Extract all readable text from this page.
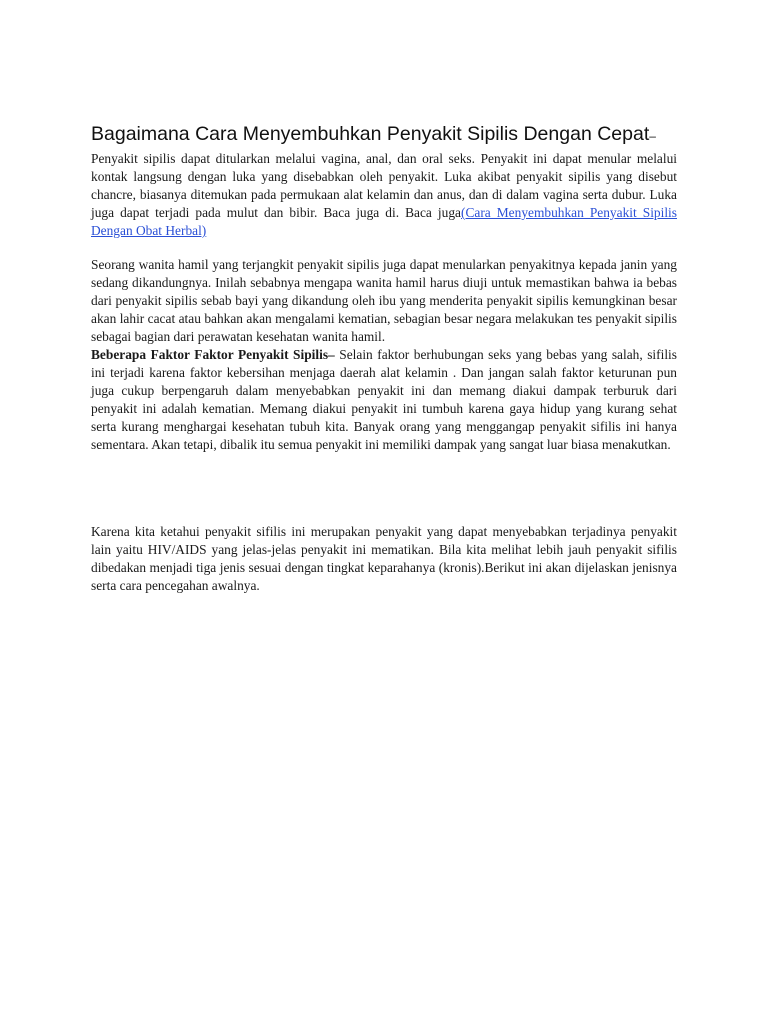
Bagaimana Cara Menyembuhkan Penyakit Sipilis Dengan Cepat–

Penyakit sipilis dapat ditularkan melalui vagina, anal, dan oral seks. Penyakit ini dapat menular melalui kontak langsung dengan luka yang disebabkan oleh penyakit. Luka akibat penyakit sipilis yang disebut chancre, biasanya ditemukan pada permukaan alat kelamin dan anus, dan di dalam vagina serta dubur. Luka juga dapat terjadi pada mulut dan bibir. Baca juga di. Baca juga(Cara Menyembuhkan Penyakit Sipilis Dengan Obat Herbal)

Seorang wanita hamil yang terjangkit penyakit sipilis juga dapat menularkan penyakitnya kepada janin yang sedang dikandungnya. Inilah sebabnya mengapa wanita hamil harus diuji untuk memastikan bahwa ia bebas dari penyakit sipilis sebab bayi yang dikandung oleh ibu yang menderita penyakit sipilis kemungkinan besar akan lahir cacat atau bahkan akan mengalami kematian, sebagian besar negara melakukan tes penyakit sipilis sebagai bagian dari perawatan kesehatan wanita hamil.

Beberapa Faktor Faktor Penyakit Sipilis– Selain faktor berhubungan seks yang bebas yang salah, sifilis ini terjadi karena faktor kebersihan menjaga daerah alat kelamin . Dan jangan salah faktor keturunan pun juga cukup berpengaruh dalam menyebabkan penyakit ini dan memang diakui dampak terburuk dari penyakit ini adalah kematian. Memang diakui penyakit ini tumbuh karena gaya hidup yang kurang sehat serta kurang menghargai kesehatan tubuh kita. Banyak orang yang menggangap penyakit sifilis ini hanya sementara. Akan tetapi, dibalik itu semua penyakit ini memiliki dampak yang sangat luar biasa menakutkan.

Karena kita ketahui penyakit sifilis ini merupakan penyakit yang dapat menyebabkan terjadinya penyakit lain yaitu HIV/AIDS yang jelas-jelas penyakit ini mematikan. Bila kita melihat lebih jauh penyakit sifilis dibedakan menjadi tiga jenis sesuai dengan tingkat keparahanya (kronis).Berikut ini akan dijelaskan jenisnya serta cara pencegahan awalnya.
